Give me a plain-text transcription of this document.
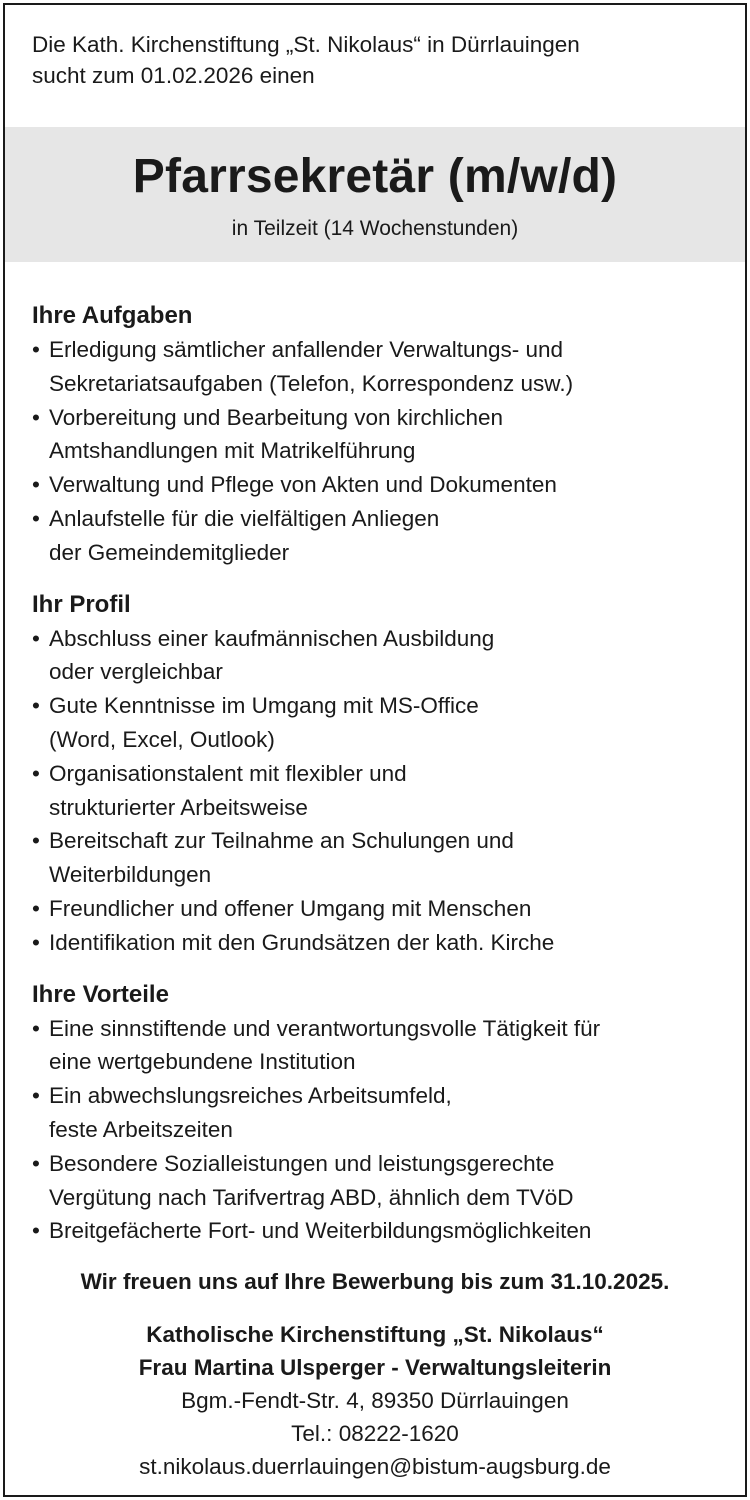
Die Kath. Kirchenstiftung „St. Nikolaus“ in Dürrlauingen
sucht zum 01.02.2026 einen
Pfarrsekretär (m/w/d)
in Teilzeit (14 Wochenstunden)
Ihre Aufgaben
• Erledigung sämtlicher anfallender Verwaltungs- und
Sekretariatsaufgaben (Telefon, Korrespondenz usw.)
• Vorbereitung und Bearbeitung von kirchlichen
Amtshandlungen mit Matrikelführung
• Verwaltung und Pflege von Akten und Dokumenten
• Anlaufstelle für die vielfältigen Anliegen
der Gemeindemitglieder
Ihr Profil
• Abschluss einer kaufmännischen Ausbildung
oder vergleichbar
• Gute Kenntnisse im Umgang mit MS-Office
(Word, Excel, Outlook)
• Organisationstalent mit flexibler und
strukturierter Arbeitsweise
• Bereitschaft zur Teilnahme an Schulungen und
Weiterbildungen
• Freundlicher und offener Umgang mit Menschen
• Identifikation mit den Grundsätzen der kath. Kirche
Ihre Vorteile
• Eine sinnstiftende und verantwortungsvolle Tätigkeit für
eine wertgebundene Institution
• Ein abwechslungsreiches Arbeitsumfeld,
feste Arbeitszeiten
• Besondere Sozialleistungen und leistungsgerechte
Vergütung nach Tarifvertrag ABD, ähnlich dem TVöD
• Breitgefächerte Fort- und Weiterbildungsmöglichkeiten
Wir freuen uns auf Ihre Bewerbung bis zum 31.10.2025.
Katholische Kirchenstiftung „St. Nikolaus“
Frau Martina Ulsperger - Verwaltungsleiterin
Bgm.-Fendt-Str. 4, 89350 Dürrlauingen
Tel.: 08222-1620
st.nikolaus.duerrlauingen@bistum-augsburg.de
